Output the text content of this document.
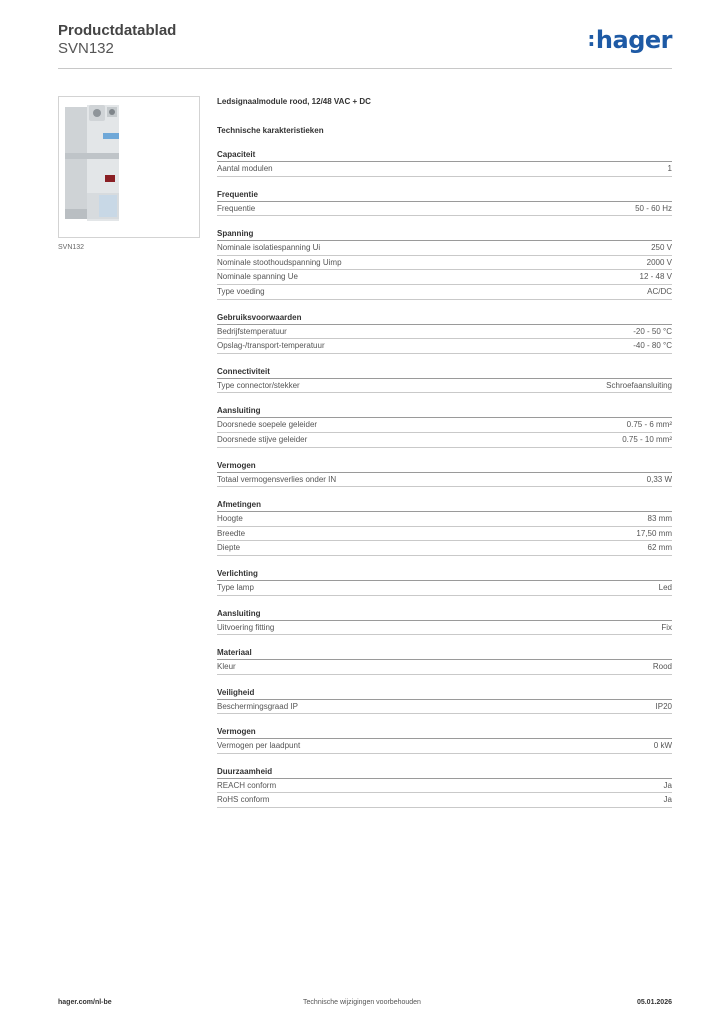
Productdatablad
SVN132	:hager
SVN132
Ledsignaalmodule rood, 12/48 VAC + DC
Technische karakteristieken
Capaciteit
Aantal modulen	1
Frequentie
Frequentie	50 - 60 Hz
Spanning
Nominale isolatiespanning Ui	250 V
Nominale stoothoudspanning Uimp	2000 V
Nominale spanning Ue	12 - 48 V
Type voeding	AC/DC
Gebruiksvoorwaarden
Bedrijfstemperatuur	-20 - 50 °C
Opslag-/transport-temperatuur	-40 - 80 °C
Connectiviteit
Type connector/stekker	Schroefaansluiting
Aansluiting
Doorsnede soepele geleider	0.75 - 6 mm²
Doorsnede stijve geleider	0.75 - 10 mm²
Vermogen
Totaal vermogensverlies onder IN	0,33 W
Afmetingen
Hoogte	83 mm
Breedte	17,50 mm
Diepte	62 mm
Verlichting
Type lamp	Led
Aansluiting
Uitvoering fitting	Fix
Materiaal
Kleur	Rood
Veiligheid
Beschermingsgraad IP	IP20
Vermogen
Vermogen per laadpunt	0 kW
Duurzaamheid
REACH conform	Ja
RoHS conform	Ja
hager.com/nl-be	Technische wijzigingen voorbehouden	05.01.2026
